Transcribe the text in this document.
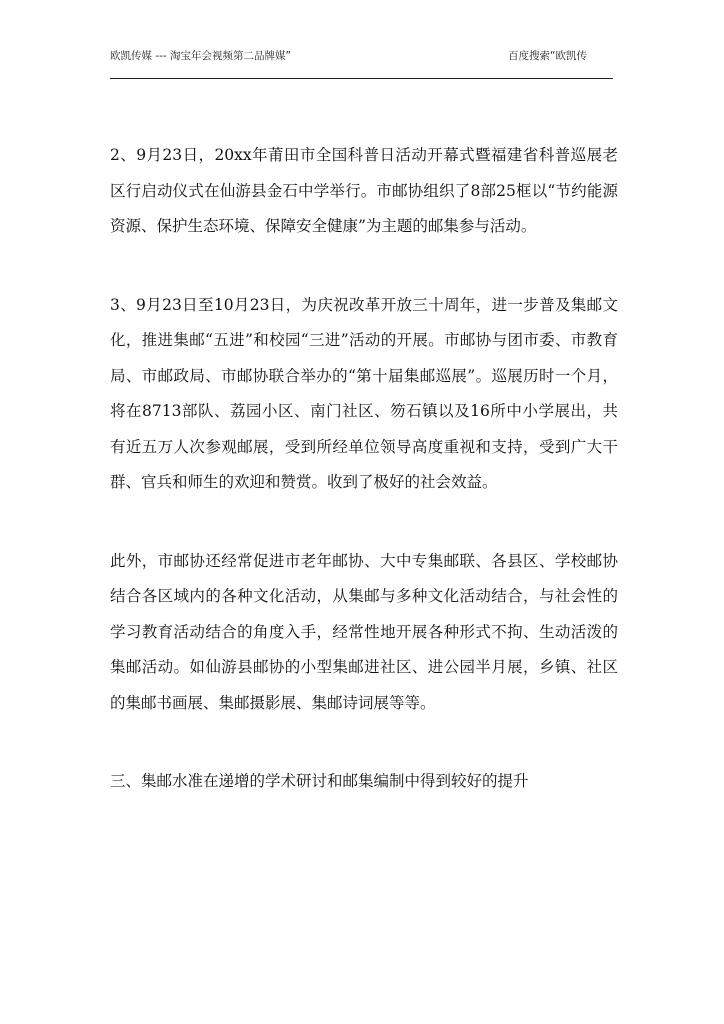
欧凯传媒 --- 淘宝年会视频第二品牌媒”	百度搜索“欧凯传

2、9月23日，20xx年莆田市全国科普日活动开幕式暨福建省科普巡展老区行启动仪式在仙游县金石中学举行。市邮协组织了8部25框以“节约能源资源、保护生态环境、保障安全健康”为主题的邮集参与活动。

3、9月23日至10月23日，为庆祝改革开放三十周年，进一步普及集邮文化，推进集邮“五进”和校园“三进”活动的开展。市邮协与团市委、市教育局、市邮政局、市邮协联合举办的“第十届集邮巡展”。巡展历时一个月，将在8713部队、荔园小区、南门社区、笏石镇以及16所中小学展出，共有近五万人次参观邮展，受到所经单位领导高度重视和支持，受到广大干群、官兵和师生的欢迎和赞赏。收到了极好的社会效益。

此外，市邮协还经常促进市老年邮协、大中专集邮联、各县区、学校邮协结合各区域内的各种文化活动，从集邮与多种文化活动结合，与社会性的学习教育活动结合的角度入手，经常性地开展各种形式不拘、生动活泼的集邮活动。如仙游县邮协的小型集邮进社区、进公园半月展，乡镇、社区的集邮书画展、集邮摄影展、集邮诗词展等等。

三、集邮水准在递增的学术研讨和邮集编制中得到较好的提升
